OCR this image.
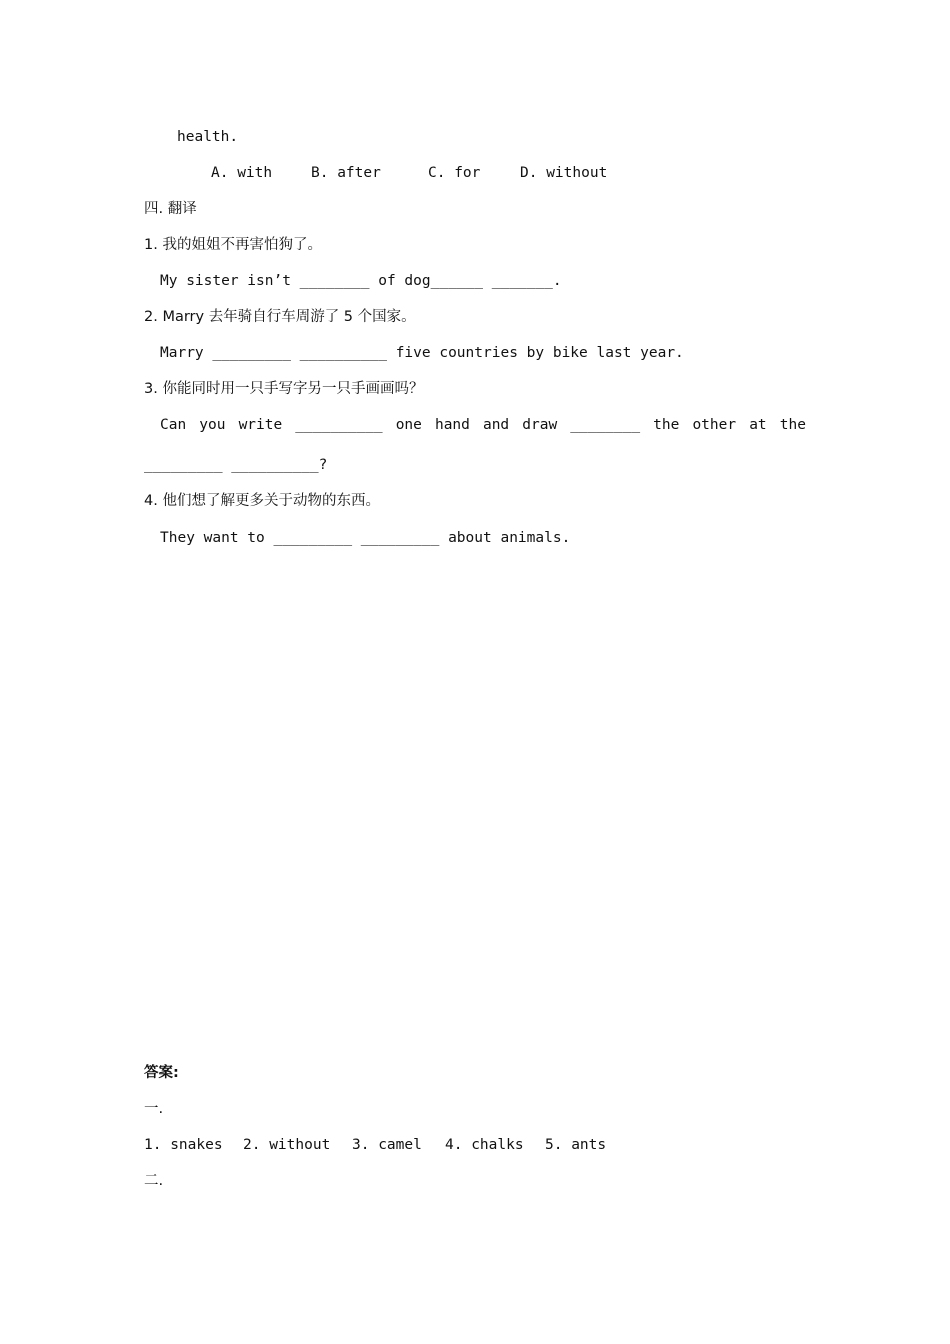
health.
A. with	B. after	C. for	D. without
四. 翻译
1. 我的姐姐不再害怕狗了。
My sister isn’t ________ of dog______ _______.
2. Marry 去年骑自行车周游了 5 个国家。
Marry _________ __________ five countries by bike last year.
3. 你能同时用一只手写字另一只手画画吗？
Can you write __________ one hand and draw ________ the other at the
_________ __________?
4. 他们想了解更多关于动物的东西。
They want to _________ _________ about animals.
答案:
一.
1. snakes 2. without 3. camel 4. chalks 5. ants
二.
